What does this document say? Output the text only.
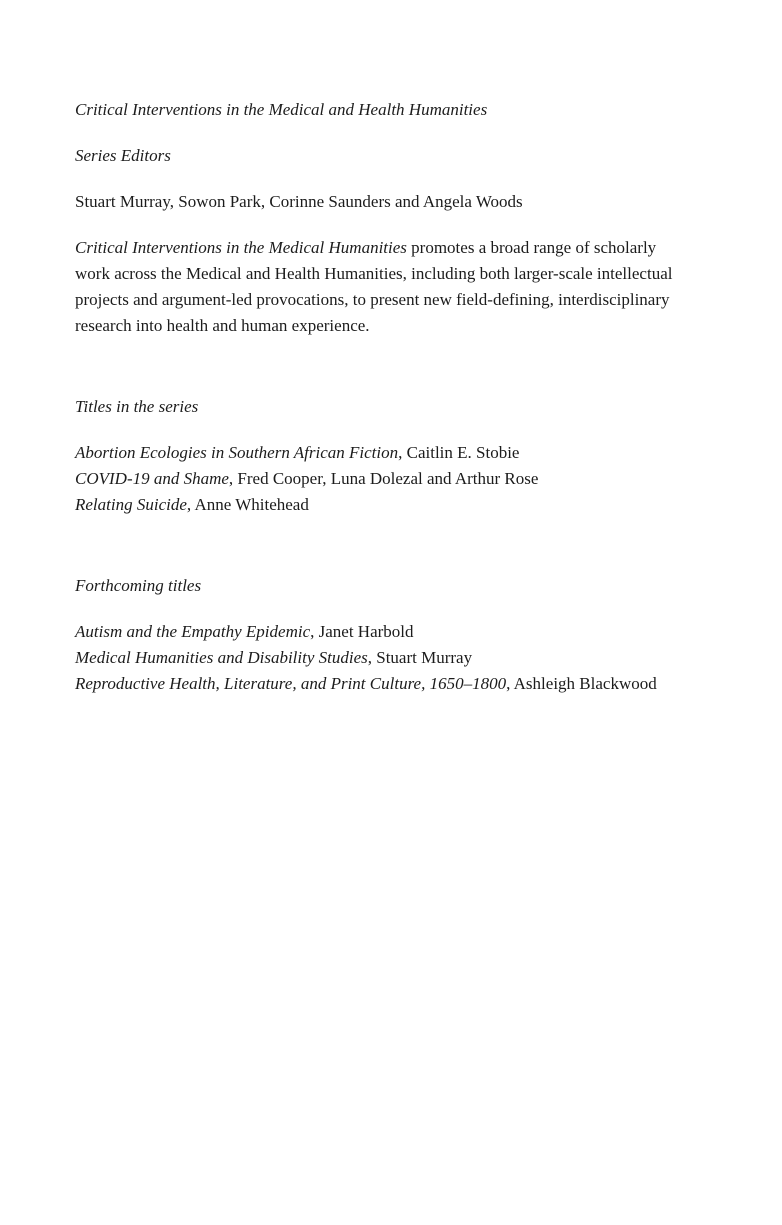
Critical Interventions in the Medical and Health Humanities
Series Editors
Stuart Murray, Sowon Park, Corinne Saunders and Angela Woods

Critical Interventions in the Medical Humanities promotes a broad range of scholarly work across the Medical and Health Humanities, including both larger-scale intellectual projects and argument-led provocations, to present new field-defining, interdisciplinary research into health and human experience.

Titles in the series
Abortion Ecologies in Southern African Fiction, Caitlin E. Stobie
COVID-19 and Shame, Fred Cooper, Luna Dolezal and Arthur Rose
Relating Suicide, Anne Whitehead
Forthcoming titles
Autism and the Empathy Epidemic, Janet Harbold
Medical Humanities and Disability Studies, Stuart Murray
Reproductive Health, Literature, and Print Culture, 1650–1800, Ashleigh Blackwood
